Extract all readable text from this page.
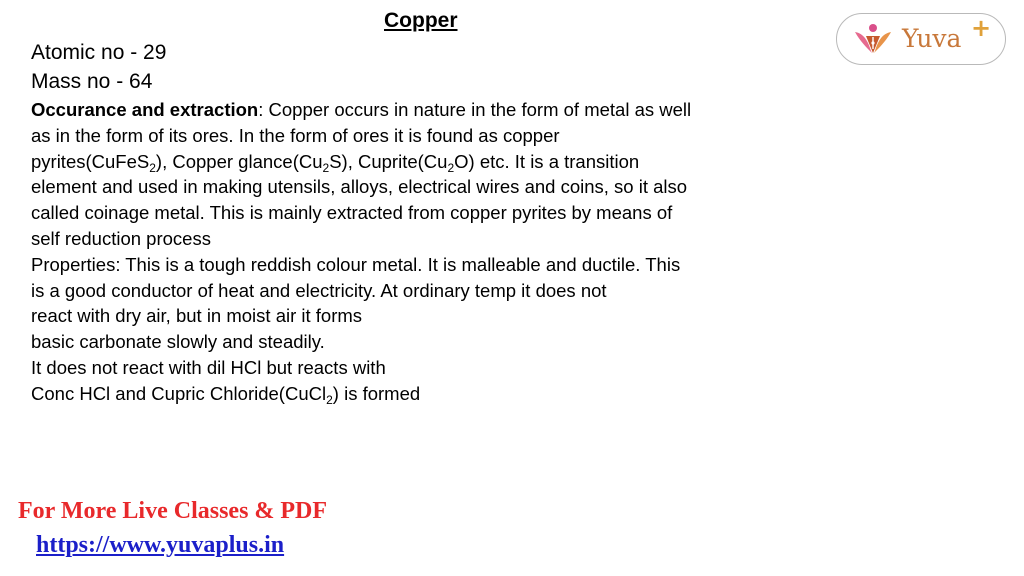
Copper
Atomic no - 29
Mass no - 64
Occurance and extraction: Copper occurs in nature in the form of metal as well
as in the form of its ores. In the form of ores it is found as copper
pyrites(CuFeS$_2$), Copper $glance(Cu_2S)$, $Cuprite(Cu_2O)$ etc. It is a transition
element and used in making utensils, alloys, electrical wires and coins, so it also
called coinage metal. This is mainly extracted from copper pyrites by means of
self reduction process
Properties: This is a tough reddish colour metal. It is malleable and ductile. This
is a good conductor of heat and electricity. At ordinary temp it does not
react with dry air, but in moist air it forms
basic carbonate slowly and steadily.
It does not react with dil HCl but reacts with
Conc HCl and Cupric Chloride(CuCl$_2$) is formed
Yuva +
For More Live Classes & PDF
https://www.yuvaplus.in
